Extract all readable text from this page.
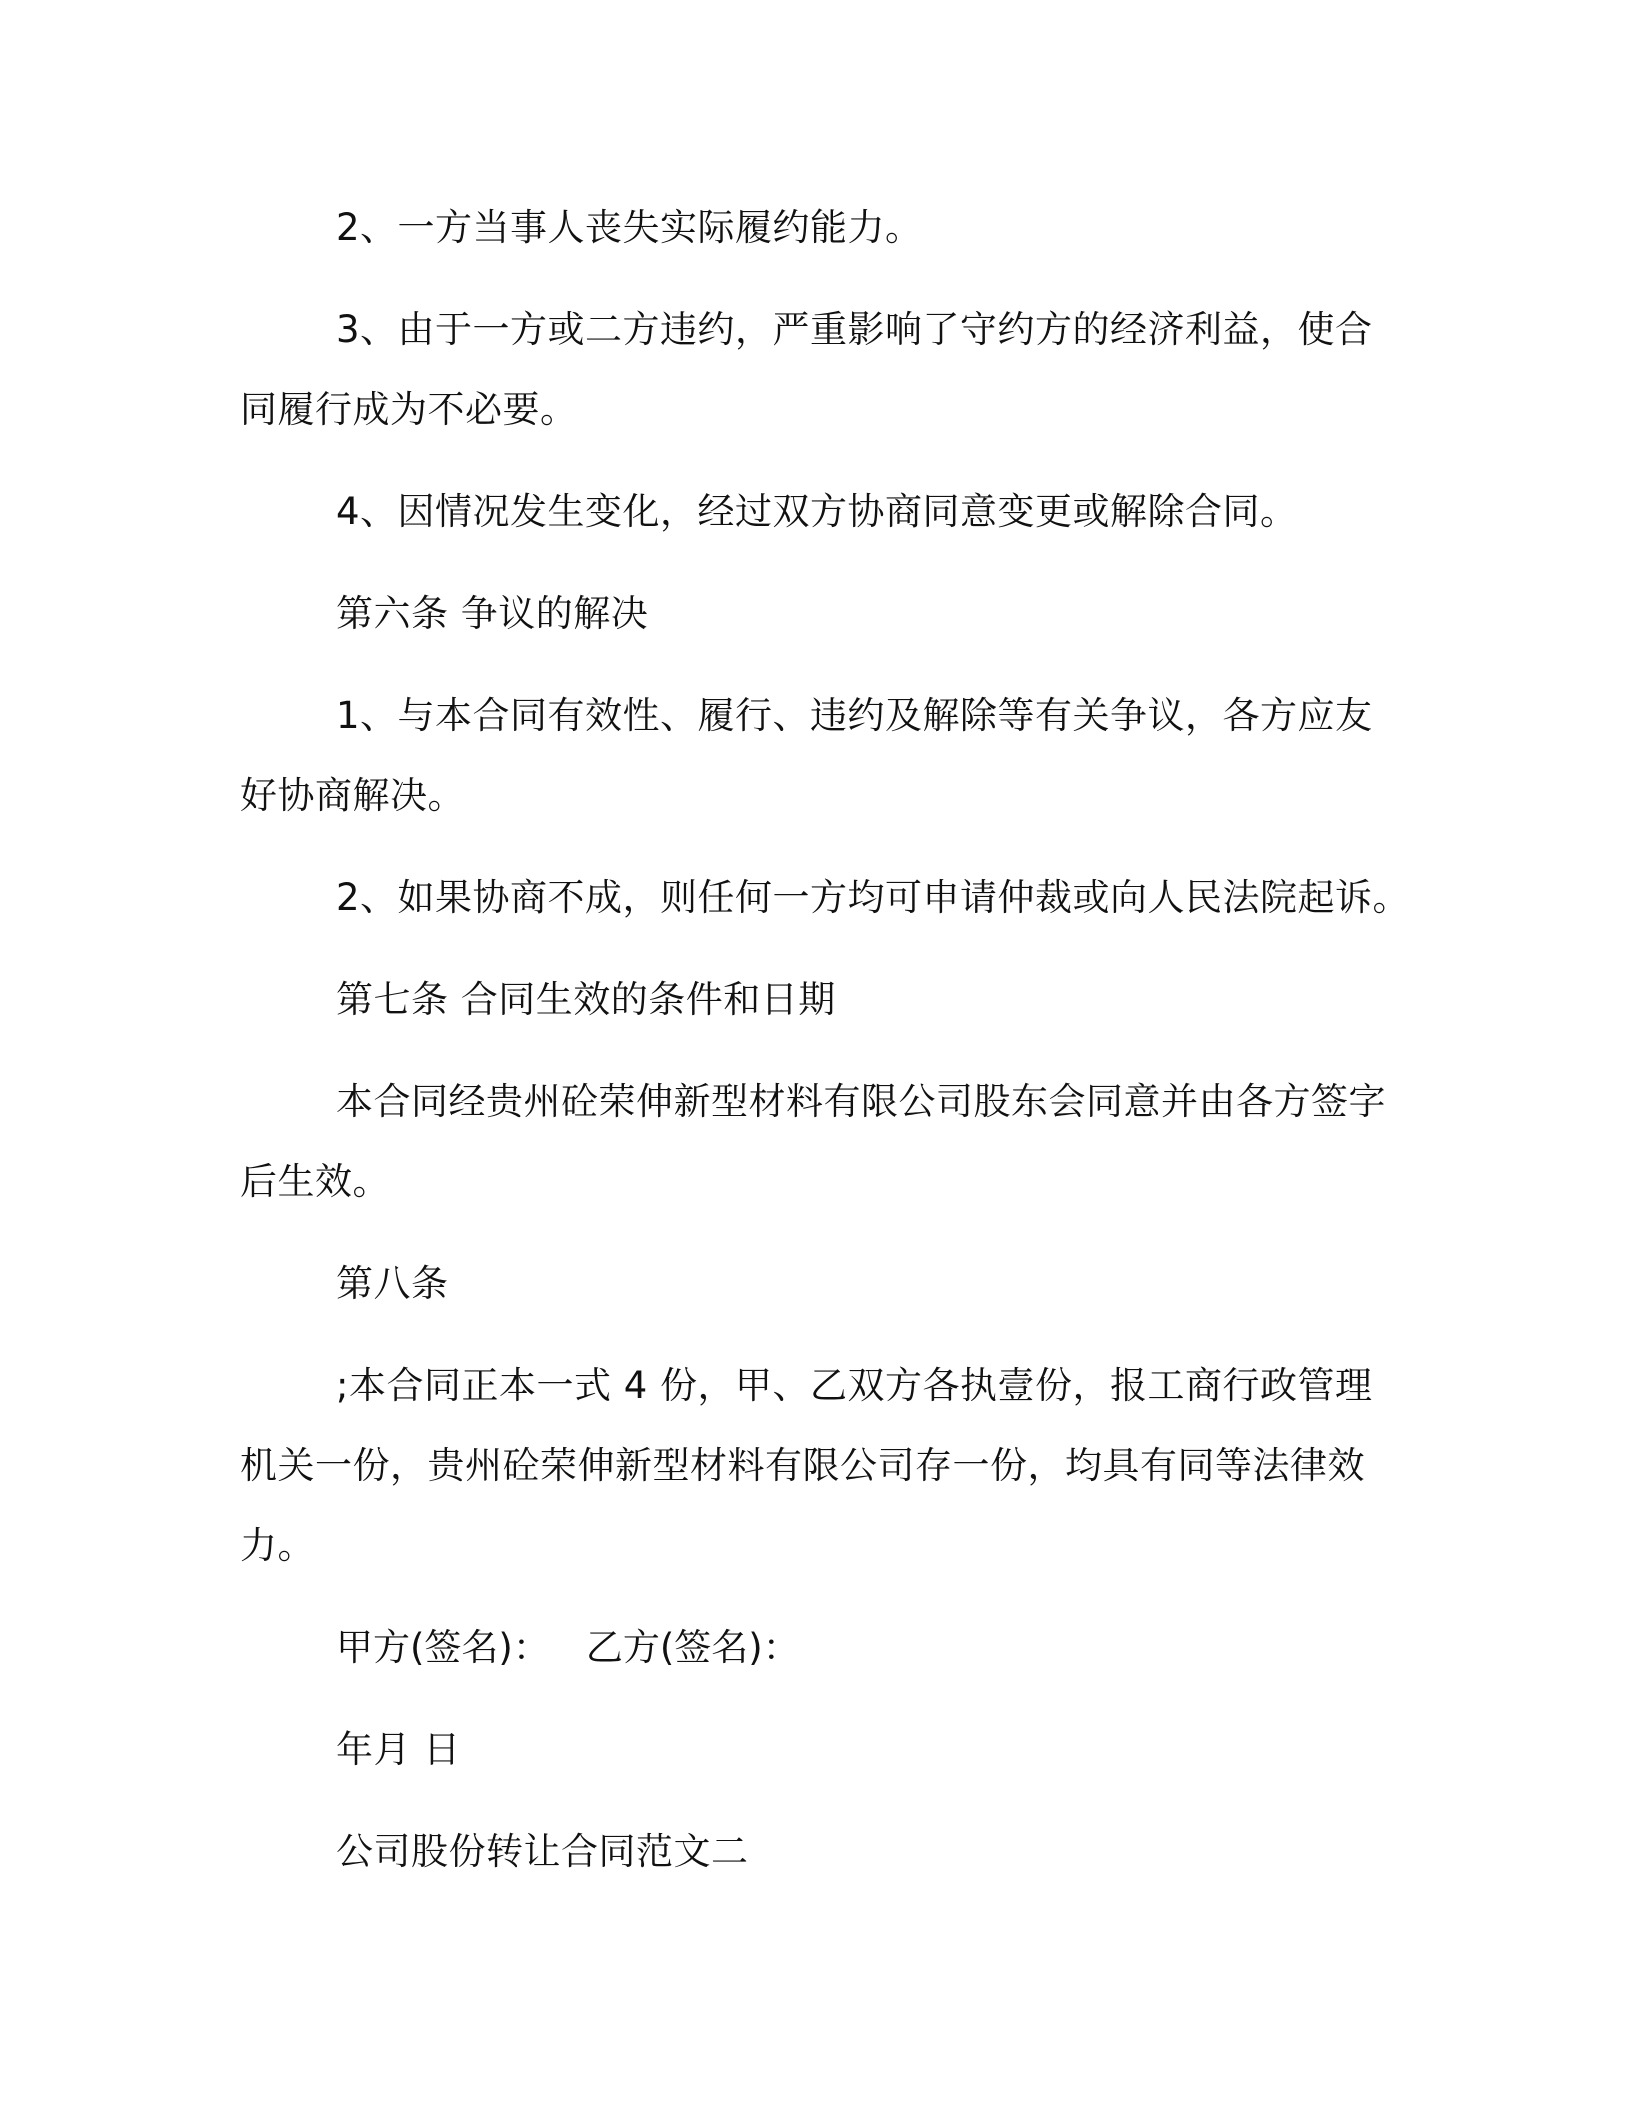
2、一方当事人丧失实际履约能力。

3、由于一方或二方违约，严重影响了守约方的经济利益，使合同履行成为不必要。

4、因情况发生变化，经过双方协商同意变更或解除合同。

第六条 争议的解决

1、与本合同有效性、履行、违约及解除等有关争议，各方应友好协商解决。

2、如果协商不成，则任何一方均可申请仲裁或向人民法院起诉。

第七条 合同生效的条件和日期

本合同经贵州砼荣伸新型材料有限公司股东会同意并由各方签字后生效。

第八条

;本合同正本一式 4 份，甲、乙双方各执壹份，报工商行政管理机关一份，贵州砼荣伸新型材料有限公司存一份，均具有同等法律效力。

甲方(签名)： 乙方(签名)：

年月 日

公司股份转让合同范文二
